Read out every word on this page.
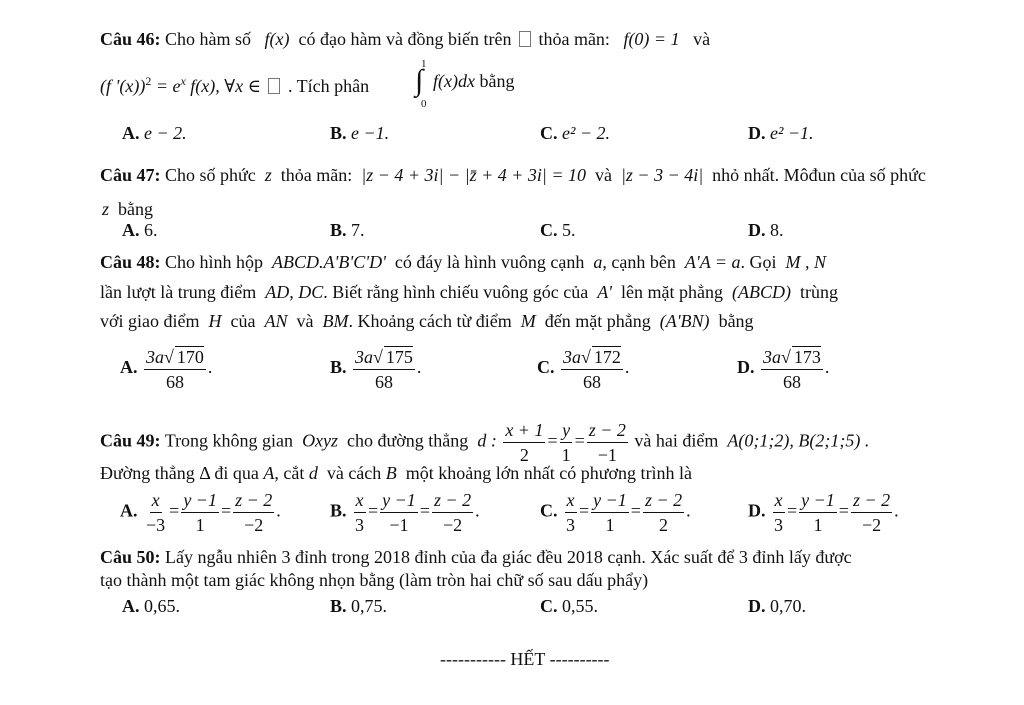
Câu 46: Cho hàm số f(x) có đạo hàm và đồng biến trên thỏa mãn: f(0) = 1 và
(f '$(x))^2 = e^x$ f(x), ∀x ∈ . Tích phân
1
∫
0
f(x)dx bằng
A. e − 2.	B. e −1.	C. e² − 2.	D. e² −1.
Câu 47: Cho số phức z thỏa mãn: |z − 4 + 3i| − |z̄ + 4 + 3i| = 10 và |z − 3 − 4i| nhỏ nhất. Môđun của số phức
z bằng
A. 6.	B. 7.	C. 5.	D. 8.
Câu 48: Cho hình hộp ABCD.A'B'C'D' có đáy là hình vuông cạnh a, cạnh bên A'A = a. Gọi M , N
lần lượt là trung điểm AD, DC. Biết rằng hình chiếu vuông góc của A' lên mặt phẳng (ABCD) trùng
với giao điểm H của AN và BM. Khoảng cách từ điểm M đến mặt phẳng (A'BN) bằng
A. $\frac{3a√ 170}{68}$ .	B. $\frac{3a√ 175}{68}$ .	C. $\frac{3a√ 172}{68}$ .	D. $\frac{3a√ 173}{68}$ .
Câu 49: Trong không gian Oxyz cho đường thẳng d : $\frac{x + 1}{2} = \frac{y}{1} = \frac{z - 2}{-1}$ và hai điểm A(0;1;2), B(2;1;5) .
Đường thẳng Δ đi qua A, cắt d và cách B một khoảng lớn nhất có phương trình là
A. $\frac{x}{-3} = \frac{y -1}{1} = \frac{z - 2}{-2}$ .	B. $\frac{x}{3} = \frac{y -1}{-1} = \frac{z - 2}{-2}$ .	C. $\frac{x}{3} = \frac{y -1}{1} = \frac{z - 2}{2}$ .	D. $\frac{x}{3} = \frac{y -1}{1} = \frac{z - 2}{-2}$ .
Câu 50: Lấy ngẫu nhiên 3 đỉnh trong 2018 đỉnh của đa giác đều 2018 cạnh. Xác suất để 3 đỉnh lấy được
tạo thành một tam giác không nhọn bằng (làm tròn hai chữ số sau dấu phẩy)
A. 0,65.	B. 0,75.	C. 0,55.	D. 0,70.
----------- HẾT ----------
